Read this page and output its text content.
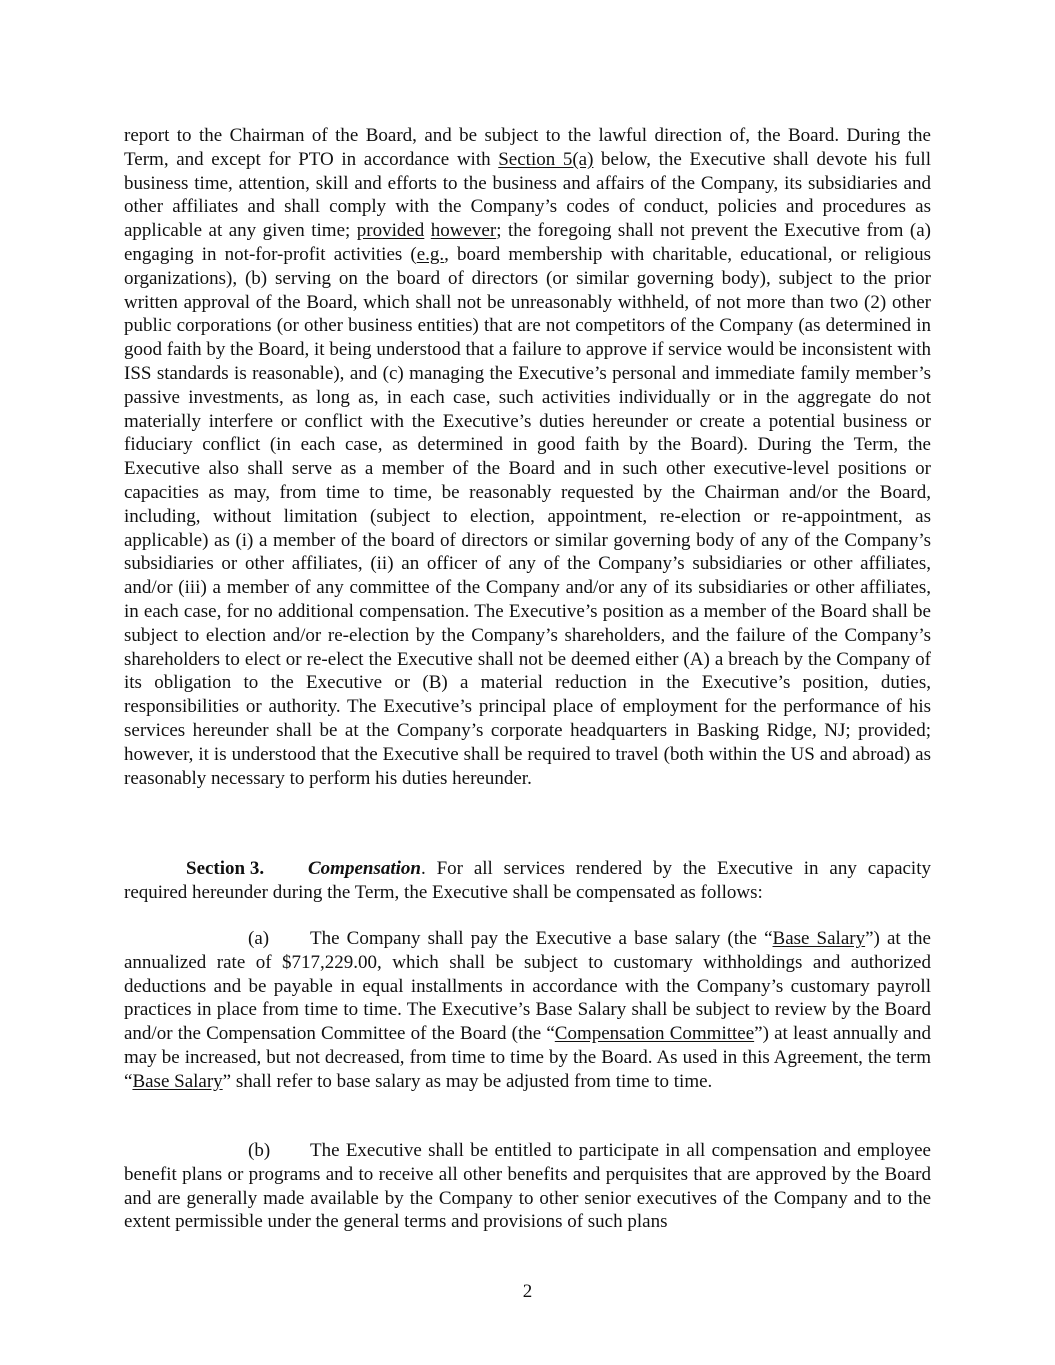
report to the Chairman of the Board, and be subject to the lawful direction of, the Board. During the Term, and except for PTO in accordance with Section 5(a) below, the Executive shall devote his full business time, attention, skill and efforts to the business and affairs of the Company, its subsidiaries and other affiliates and shall comply with the Company’s codes of conduct, policies and procedures as applicable at any given time; provided however; the foregoing shall not prevent the Executive from (a) engaging in not-for-profit activities (e.g., board membership with charitable, educational, or religious organizations), (b) serving on the board of directors (or similar governing body), subject to the prior written approval of the Board, which shall not be unreasonably withheld, of not more than two (2) other public corporations (or other business entities) that are not competitors of the Company (as determined in good faith by the Board, it being understood that a failure to approve if service would be inconsistent with ISS standards is reasonable), and (c) managing the Executive’s personal and immediate family member’s passive investments, as long as, in each case, such activities individually or in the aggregate do not materially interfere or conflict with the Executive’s duties hereunder or create a potential business or fiduciary conflict (in each case, as determined in good faith by the Board). During the Term, the Executive also shall serve as a member of the Board and in such other executive-level positions or capacities as may, from time to time, be reasonably requested by the Chairman and/or the Board, including, without limitation (subject to election, appointment, re-election or re-appointment, as applicable) as (i) a member of the board of directors or similar governing body of any of the Company’s subsidiaries or other affiliates, (ii) an officer of any of the Company’s subsidiaries or other affiliates, and/or (iii) a member of any committee of the Company and/or any of its subsidiaries or other affiliates, in each case, for no additional compensation. The Executive’s position as a member of the Board shall be subject to election and/or re-election by the Company’s shareholders, and the failure of the Company’s shareholders to elect or re-elect the Executive shall not be deemed either (A) a breach by the Company of its obligation to the Executive or (B) a material reduction in the Executive’s position, duties, responsibilities or authority. The Executive’s principal place of employment for the performance of his services hereunder shall be at the Company’s corporate headquarters in Basking Ridge, NJ; provided; however, it is understood that the Executive shall be required to travel (both within the US and abroad) as reasonably necessary to perform his duties hereunder.
Section 3. Compensation. For all services rendered by the Executive in any capacity required hereunder during the Term, the Executive shall be compensated as follows:
(a) The Company shall pay the Executive a base salary (the “Base Salary”) at the annualized rate of $717,229.00, which shall be subject to customary withholdings and authorized deductions and be payable in equal installments in accordance with the Company’s customary payroll practices in place from time to time. The Executive’s Base Salary shall be subject to review by the Board and/or the Compensation Committee of the Board (the “Compensation Committee”) at least annually and may be increased, but not decreased, from time to time by the Board. As used in this Agreement, the term “Base Salary” shall refer to base salary as may be adjusted from time to time.
(b) The Executive shall be entitled to participate in all compensation and employee benefit plans or programs and to receive all other benefits and perquisites that are approved by the Board and are generally made available by the Company to other senior executives of the Company and to the extent permissible under the general terms and provisions of such plans
2
